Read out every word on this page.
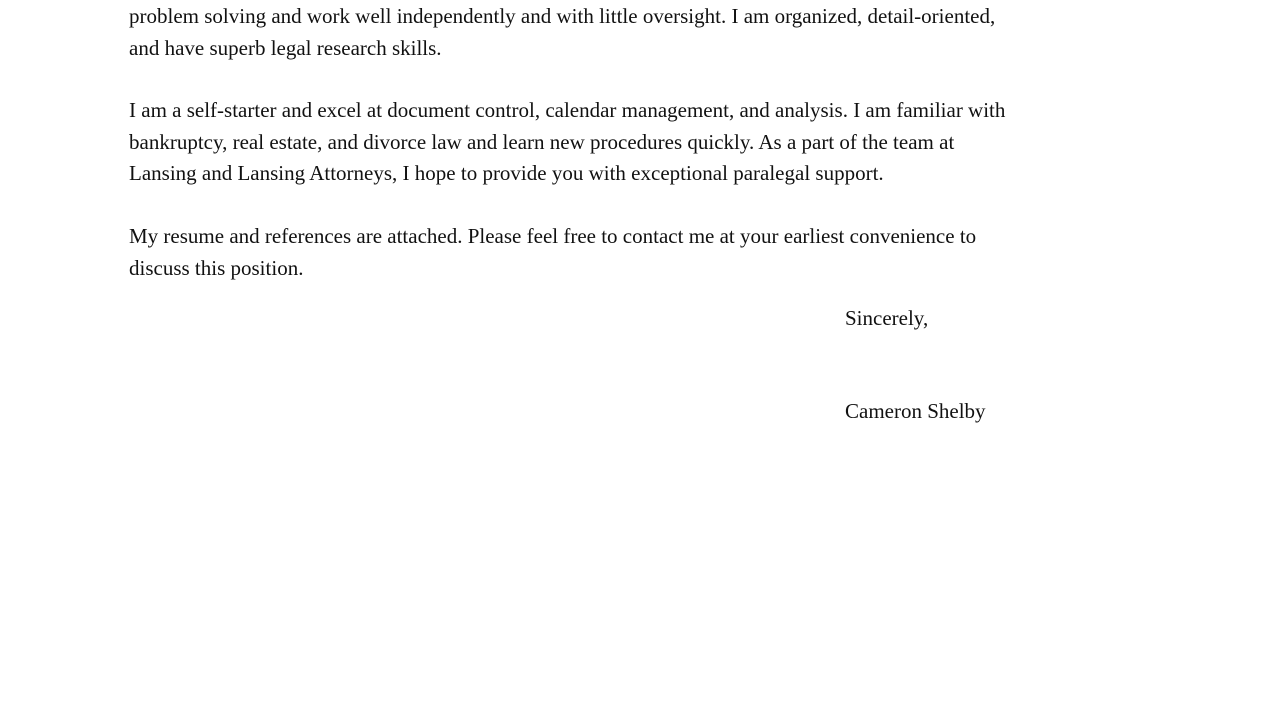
problem solving and work well independently and with little oversight. I am organized, detail-oriented,
and have superb legal research skills.
I am a self-starter and excel at document control, calendar management, and analysis. I am familiar with
bankruptcy, real estate, and divorce law and learn new procedures quickly. As a part of the team at
Lansing and Lansing Attorneys, I hope to provide you with exceptional paralegal support.
My resume and references are attached. Please feel free to contact me at your earliest convenience to
discuss this position.
Sincerely,
Cameron Shelby
